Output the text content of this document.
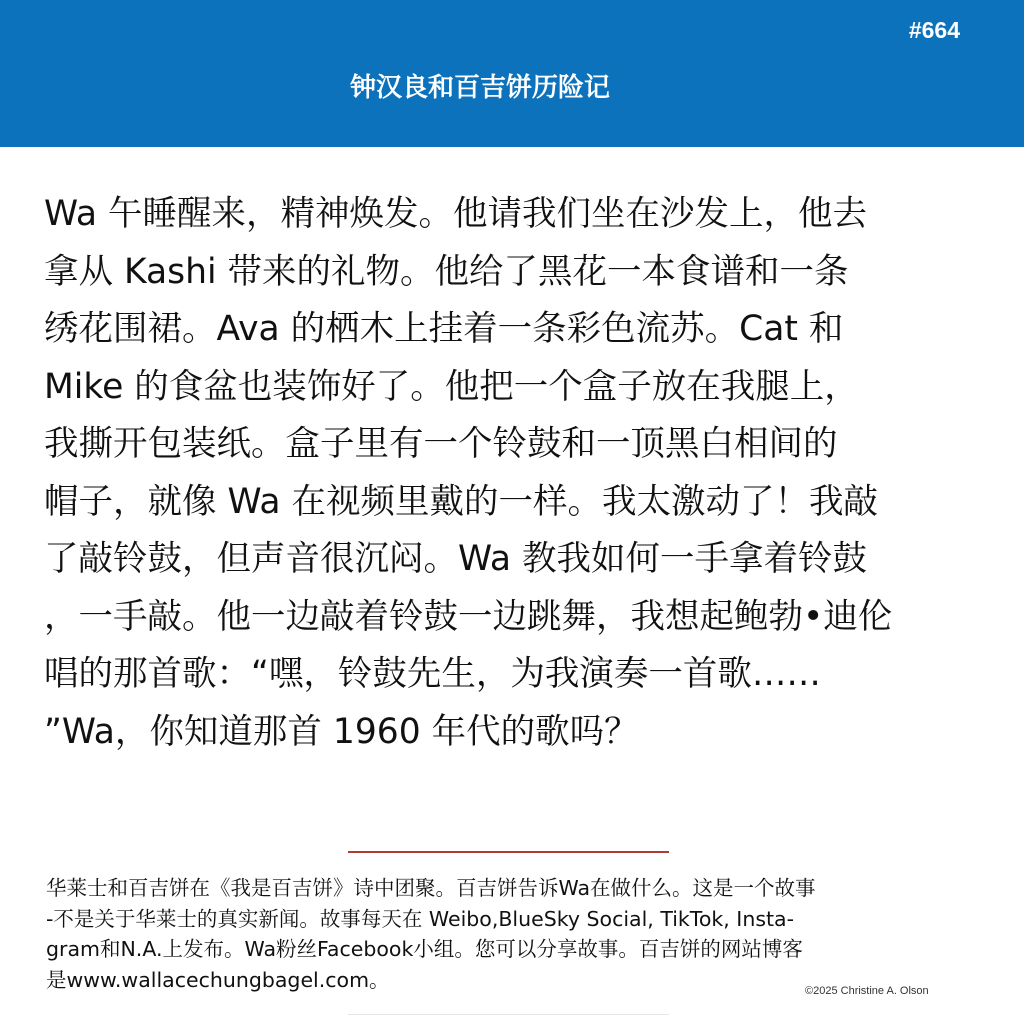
#664
钟汉良和百吉饼历险记
Wa 午睡醒来，精神焕发。他请我们坐在沙发上，他去
拿从 Kashi 带来的礼物。他给了黑花一本食谱和一条
绣花围裙。Ava 的栖木上挂着一条彩色流苏。Cat 和
Mike 的食盆也装饰好了。他把一个盒子放在我腿上，
我撕开包装纸。盒子里有一个铃鼓和一顶黑白相间的
帽子，就像 Wa 在视频里戴的一样。我太激动了！我敲
了敲铃鼓，但声音很沉闷。Wa 教我如何一手拿着铃鼓
，一手敲。他一边敲着铃鼓一边跳舞，我想起鲍勃•迪伦
唱的那首歌：“嘿，铃鼓先生，为我演奏一首歌……
”Wa，你知道那首 1960 年代的歌吗？
华莱士和百吉饼在《我是百吉饼》诗中团聚。百吉饼告诉Wa在做什么。这是一个故事
-不是关于华莱士的真实新闻。故事每天在 Weibo,BlueSky Social, TikTok, Insta-
gram和N.A.上发布。Wa粉丝Facebook小组。您可以分享故事。百吉饼的网站博客
是www.wallacechungbagel.com。	©2025 Christine A. Olson
